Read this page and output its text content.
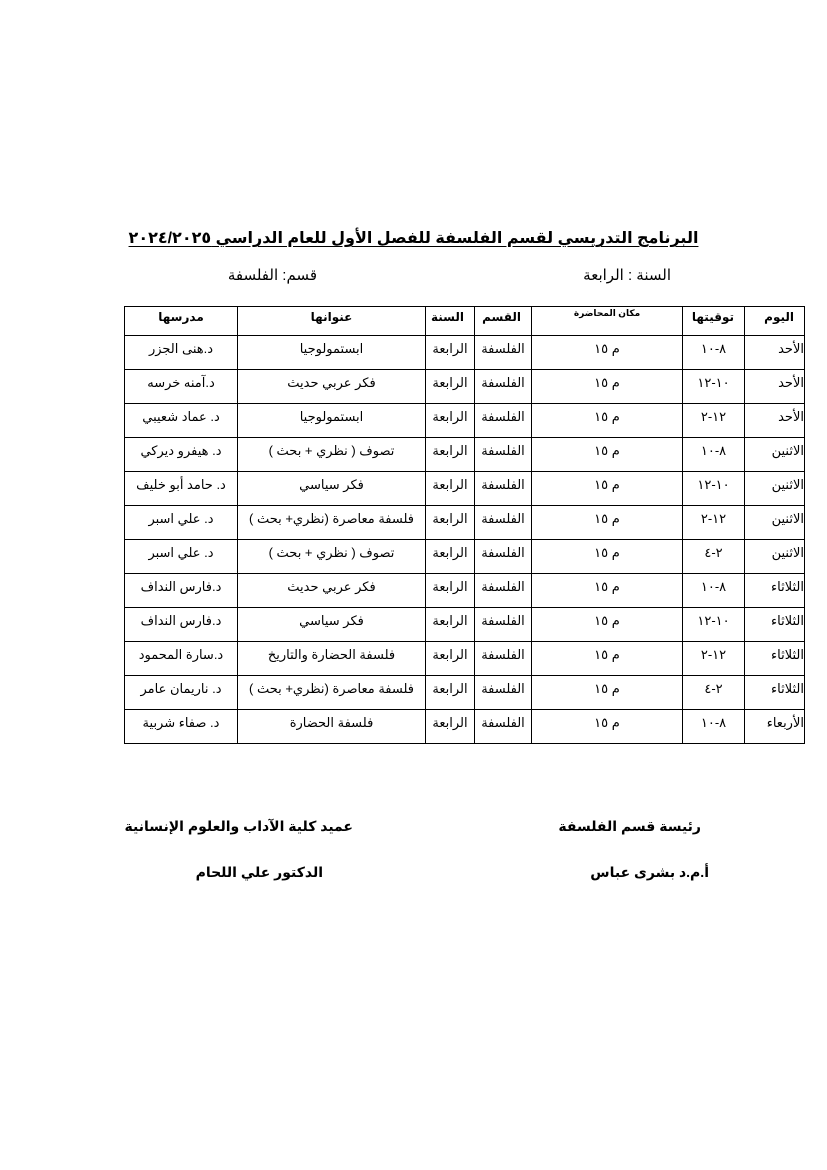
البرنامج التدريسي لقسم الفلسفة للفصل الأول للعام الدراسي ٢٠٢٤/٢٠٢٥
السنة : الرابعة
قسم: الفلسفة
اليوم	توقيتها	مكان المحاضرة	القسم	السنة	عنوانها	مدرسها
الأحد	٨-١٠	م ١٥	الفلسفة	الرابعة	ابستمولوجيا	د.هنى الجزر
الأحد	١٠-١٢	م ١٥	الفلسفة	الرابعة	فكر عربي حديث	د.آمنه خرسه
الأحد	١٢-٢	م ١٥	الفلسفة	الرابعة	ابستمولوجيا	د. عماد شعيبي
الاثنين	٨-١٠	م ١٥	الفلسفة	الرابعة	تصوف ( نظري + بحث )	د. هيفرو ديركي
الاثنين	١٠-١٢	م ١٥	الفلسفة	الرابعة	فكر سياسي	د. حامد أبو خليف
الاثنين	١٢-٢	م ١٥	الفلسفة	الرابعة	فلسفة معاصرة (نظري+ بحث )	د. علي اسبر
الاثنين	٢-٤	م ١٥	الفلسفة	الرابعة	تصوف ( نظري + بحث )	د. علي اسبر
الثلاثاء	٨-١٠	م ١٥	الفلسفة	الرابعة	فكر عربي حديث	د.فارس النداف
الثلاثاء	١٠-١٢	م ١٥	الفلسفة	الرابعة	فكر سياسي	د.فارس النداف
الثلاثاء	١٢-٢	م ١٥	الفلسفة	الرابعة	فلسفة الحضارة والتاريخ	د.سارة المحمود
الثلاثاء	٢-٤	م ١٥	الفلسفة	الرابعة	فلسفة معاصرة (نظري+ بحث )	د. ناريمان عامر
الأربعاء	٨-١٠	م ١٥	الفلسفة	الرابعة	فلسفة الحضارة	د. صفاء شربية
رئيسة قسم الفلسفة
عميد كلية الآداب والعلوم الإنسانية
أ.م.د بشرى عباس
الدكتور علي اللحام
